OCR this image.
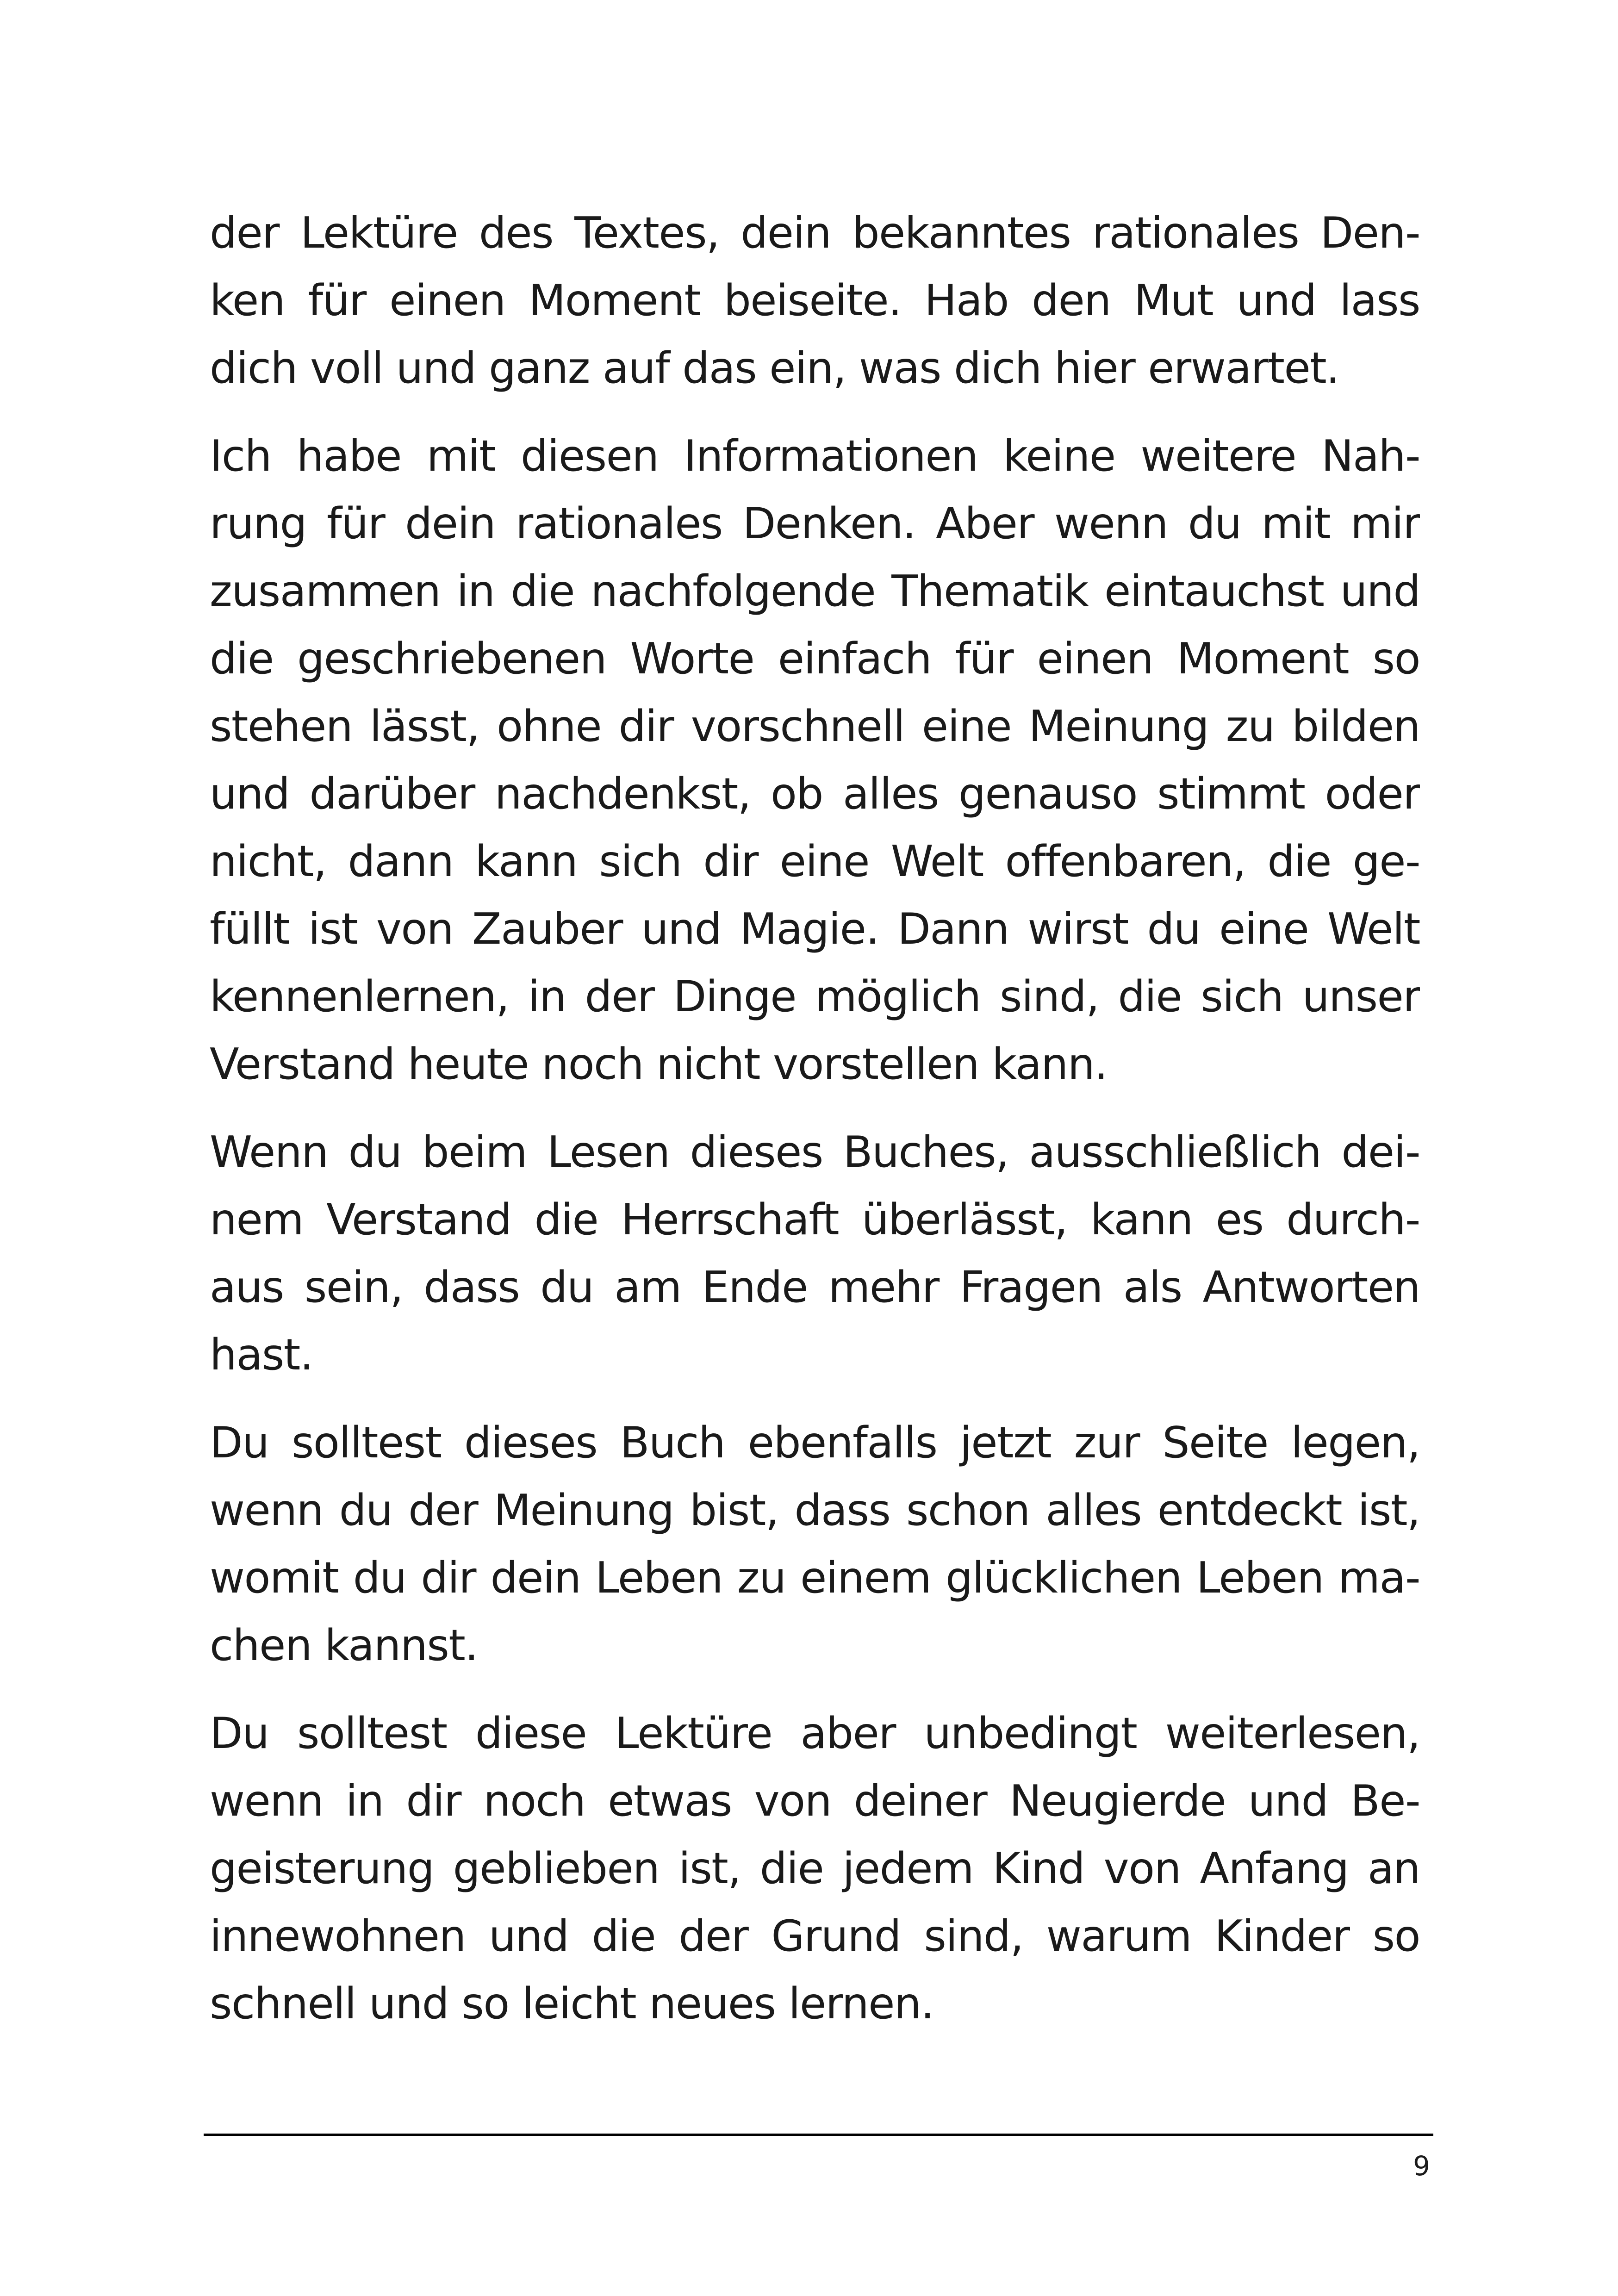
der Lektüre des Textes, dein bekanntes rationales Den-
ken für einen Moment beiseite. Hab den Mut und lass
dich voll und ganz auf das ein, was dich hier erwartet.

Ich habe mit diesen Informationen keine weitere Nah-
rung für dein rationales Denken. Aber wenn du mit mir
zusammen in die nachfolgende Thematik eintauchst und
die geschriebenen Worte einfach für einen Moment so
stehen lässt, ohne dir vorschnell eine Meinung zu bilden
und darüber nachdenkst, ob alles genauso stimmt oder
nicht, dann kann sich dir eine Welt offenbaren, die ge-
füllt ist von Zauber und Magie. Dann wirst du eine Welt
kennenlernen, in der Dinge möglich sind, die sich unser
Verstand heute noch nicht vorstellen kann.

Wenn du beim Lesen dieses Buches, ausschließlich dei-
nem Verstand die Herrschaft überlässt, kann es durch-
aus sein, dass du am Ende mehr Fragen als Antworten
hast.

Du solltest dieses Buch ebenfalls jetzt zur Seite legen,
wenn du der Meinung bist, dass schon alles entdeckt ist,
womit du dir dein Leben zu einem glücklichen Leben ma-
chen kannst.

Du solltest diese Lektüre aber unbedingt weiterlesen,
wenn in dir noch etwas von deiner Neugierde und Be-
geisterung geblieben ist, die jedem Kind von Anfang an
innewohnen und die der Grund sind, warum Kinder so
schnell und so leicht neues lernen.

9
